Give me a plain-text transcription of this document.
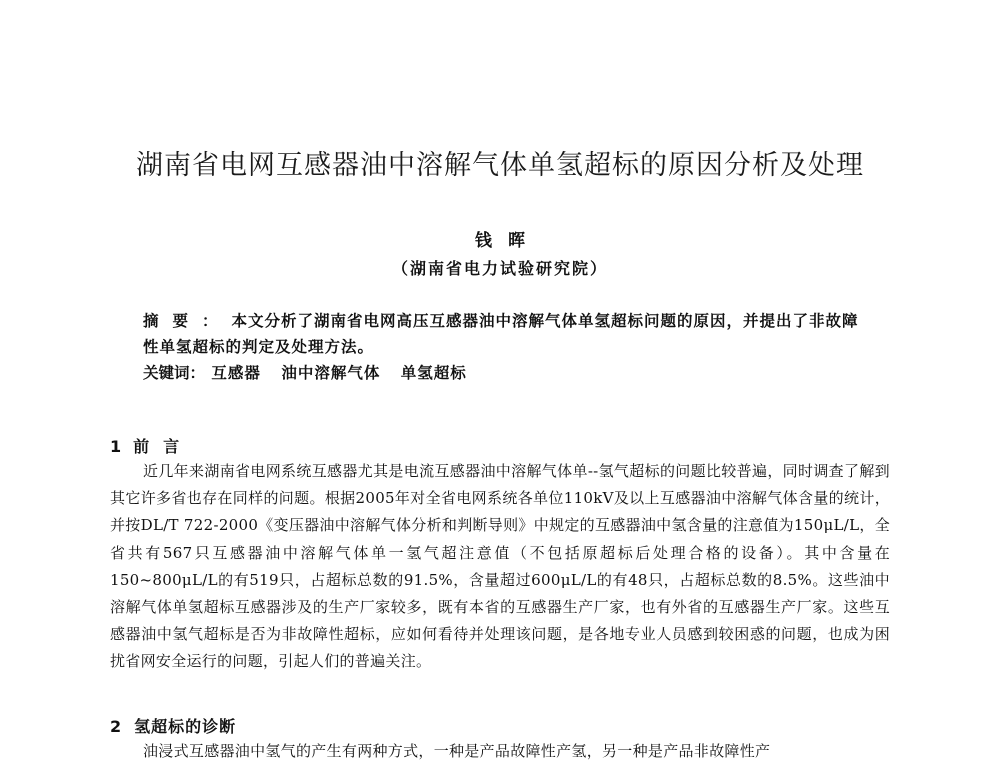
湖南省电网互感器油中溶解气体单氢超标的原因分析及处理
钱晖
（湖南省电力试验研究院）
摘要：本文分析了湖南省电网高压互感器油中溶解气体单氢超标问题的原因，并提出了非故障性单氢超标的判定及处理方法。
关键词： 互感器 油中溶解气体 单氢超标
1 前言
近几年来湖南省电网系统互感器尤其是电流互感器油中溶解气体单--氢气超标的问题比较普遍，同时调查了解到其它许多省也存在同样的问题。根据2005年对全省电网系统各单位110kV及以上互感器油中溶解气体含量的统计，并按DL/T 722-2000《变压器油中溶解气体分析和判断导则》中规定的互感器油中氢含量的注意值为150μL/L，全省共有567只互感器油中溶解气体单一氢气超注意值（不包括原超标后处理合格的设备）。其中含量在150~800μL/L的有519只，占超标总数的91.5%，含量超过600μL/L的有48只，占超标总数的8.5%。这些油中溶解气体单氢超标互感器涉及的生产厂家较多，既有本省的互感器生产厂家，也有外省的互感器生产厂家。这些互感器油中氢气超标是否为非故障性超标，应如何看待并处理该问题，是各地专业人员感到较困惑的问题，也成为困扰省网安全运行的问题，引起人们的普遍关注。
2 氢超标的诊断
油浸式互感器油中氢气的产生有两种方式，一种是产品故障性产氢，另一种是产品非故障性产
